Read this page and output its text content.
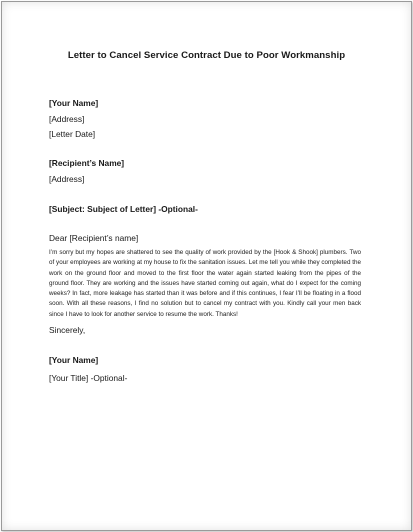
Letter to Cancel Service Contract Due to Poor Workmanship
[Your Name]
[Address]
[Letter Date]
[Recipient’s Name]
[Address]
[Subject: Subject of Letter] -Optional-
Dear [Recipient’s name]
I’m sorry but my hopes are shattered to see the quality of work provided by the [Hook & Shook] plumbers. Two of your employees are working at my house to fix the sanitation issues. Let me tell you while they completed the work on the ground floor and moved to the first floor the water again started leaking from the pipes of the ground floor. They are working and the issues have started coming out again, what do I expect for the coming weeks? In fact, more leakage has started than it was before and if this continues, I fear I’ll be floating in a flood soon. With all these reasons, I find no solution but to cancel my contract with you. Kindly call your men back since I have to look for another service to resume the work. Thanks!
Sincerely,
[Your Name]
[Your Title] -Optional-
